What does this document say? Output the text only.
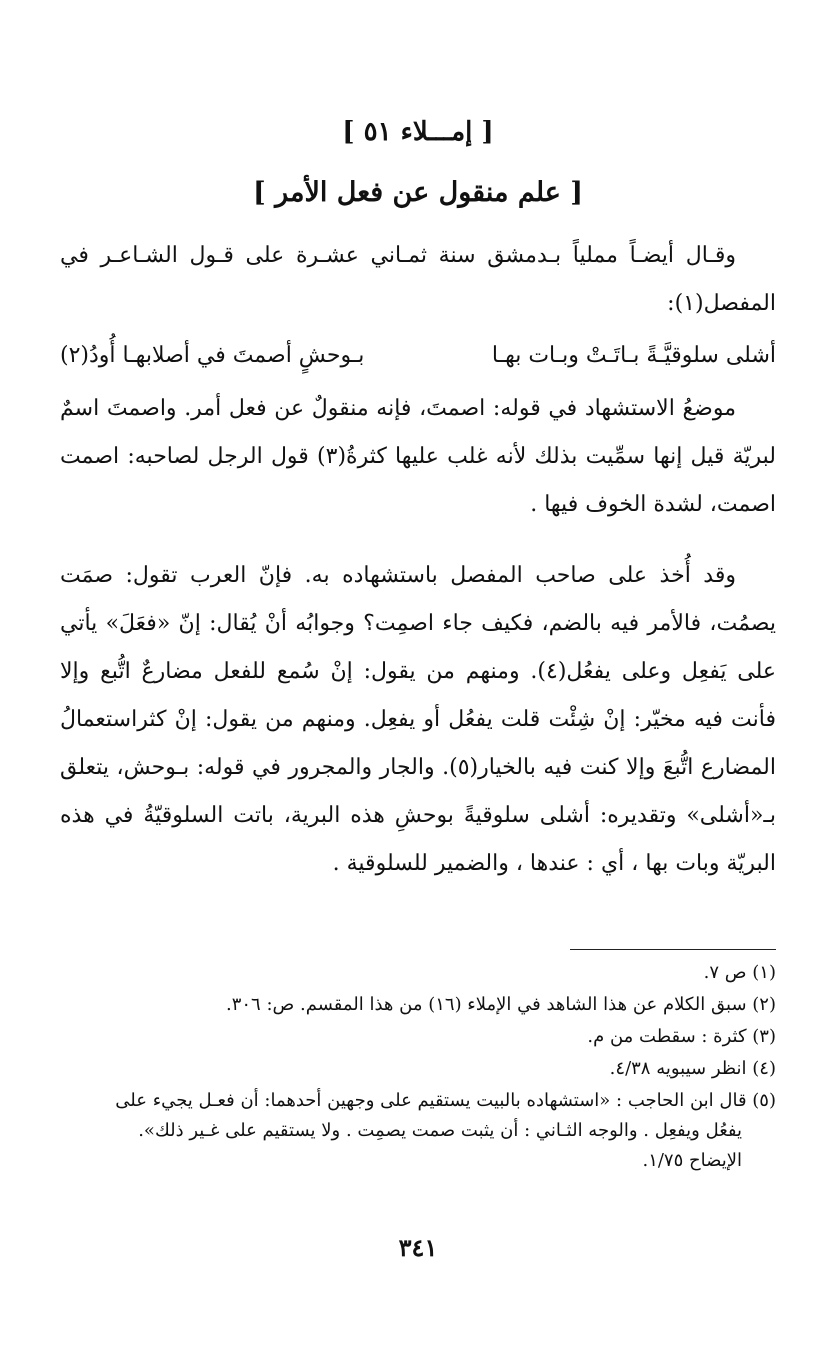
[ إمـــلاء ٥١ ]
[ علم منقول عن فعل الأمر ]

وقـال أيضـاً مملياً بـدمشق سنة ثمـاني عشـرة على قـول الشـاعـر في المفصل(١):

أشلى سلوقيَّـةً بـاتَـتْ وبـات بهـا
بـوحشٍ أصمتَ في أصلابهـا أُودُ(٢)

موضعُ الاستشهاد في قوله: اصمتَ، فإنه منقولٌ عن فعل أمر. واصمتَ اسمٌ لبريّة قيل إنها سمِّيت بذلك لأنه غلب عليها كثرةُ(٣) قول الرجل لصاحبه: اصمت اصمت، لشدة الخوف فيها .

وقد أُخذ على صاحب المفصل باستشهاده به. فإنّ العرب تقول: صمَت يصمُت، فالأمر فيه بالضم، فكيف جاء اصمِت؟ وجوابُه أنْ يُقال: إنّ «فعَلَ» يأتي على يَفعِل وعلى يفعُل(٤). ومنهم من يقول: إنْ سُمع للفعل مضارعٌ اتُّبع وإلا فأنت فيه مخيّر: إنْ شِئْت قلت يفعُل أو يفعِل. ومنهم من يقول: إنْ كثراستعمالُ المضارع اتُّبعَ وإلا كنت فيه بالخيار(٥). والجار والمجرور في قوله: بـوحش، يتعلق بـ«أشلى» وتقديره: أشلى سلوقيةً بوحشِ هذه البرية، باتت السلوقيّةُ في هذه البريّة وبات بها ، أي : عندها ، والضمير للسلوقية .

(١) ص ٧.
(٢) سبق الكلام عن هذا الشاهد في الإملاء (١٦) من هذا المقسم. ص: ٣٠٦.
(٣) كثرة : سقطت من م.
(٤) انظر سيبويه ٤/٣٨.
(٥) قال ابن الحاجب : «استشهاده بالبيت يستقيم على وجهين أحدهما: أن فعـل يجيء على
يفعُل ويفعِل . والوجه الثـاني : أن يثبت صمت يصمِت . ولا يستقيم على غـير ذلك».
الإيضاح ١/٧٥.
٣٤١
